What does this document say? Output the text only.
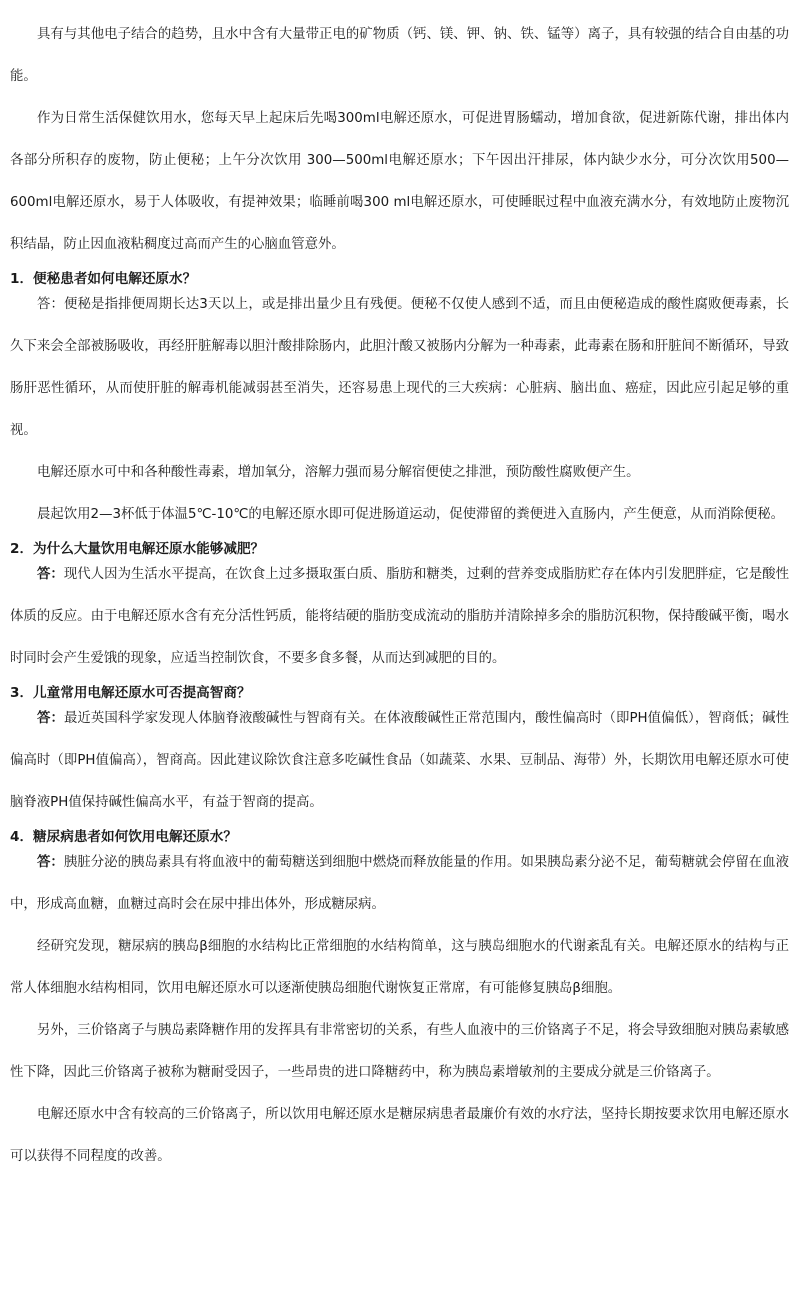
具有与其他电子结合的趋势，且水中含有大量带正电的矿物质（钙、镁、钾、钠、铁、锰等）离子，具有较强的结合自由基的功能。

作为日常生活保健饮用水，您每天早上起床后先喝300ml电解还原水，可促进胃肠蠕动，增加食欲，促进新陈代谢，排出体内各部分所积存的废物，防止便秘；上午分次饮用 300—500ml电解还原水；下午因出汗排尿，体内缺少水分，可分次饮用500—600ml电解还原水，易于人体吸收，有提神效果；临睡前喝300 ml电解还原水，可使睡眠过程中血液充满水分，有效地防止废物沉积结晶，防止因血液粘稠度过高而产生的心脑血管意外。

1．便秘患者如何电解还原水？

答：便秘是指排便周期长达3天以上，或是排出量少且有残便。便秘不仅使人感到不适，而且由便秘造成的酸性腐败便毒素，长久下来会全部被肠吸收，再经肝脏解毒以胆汁酸排除肠内，此胆汁酸又被肠内分解为一种毒素，此毒素在肠和肝脏间不断循环，导致肠肝恶性循环，从而使肝脏的解毒机能减弱甚至消失，还容易患上现代的三大疾病：心脏病、脑出血、癌症，因此应引起足够的重视。

电解还原水可中和各种酸性毒素，增加氧分，溶解力强而易分解宿便使之排泄，预防酸性腐败便产生。

晨起饮用2—3杯低于体温5℃-10℃的电解还原水即可促进肠道运动，促使滞留的粪便进入直肠内，产生便意，从而消除便秘。

2．为什么大量饮用电解还原水能够减肥？

答：现代人因为生活水平提高，在饮食上过多摄取蛋白质、脂肪和糖类，过剩的营养变成脂肪贮存在体内引发肥胖症，它是酸性体质的反应。由于电解还原水含有充分活性钙质，能将结硬的脂肪变成流动的脂肪并清除掉多余的脂肪沉积物，保持酸碱平衡，喝水时同时会产生爱饿的现象，应适当控制饮食，不要多食多餐，从而达到减肥的目的。

3．儿童常用电解还原水可否提高智商？

答：最近英国科学家发现人体脑脊液酸碱性与智商有关。在体液酸碱性正常范围内，酸性偏高时（即PH值偏低），智商低；碱性偏高时（即PH值偏高），智商高。因此建议除饮食注意多吃碱性食品（如蔬菜、水果、豆制品、海带）外，长期饮用电解还原水可使脑脊液PH值保持碱性偏高水平，有益于智商的提高。

4．糖尿病患者如何饮用电解还原水？

答：胰脏分泌的胰岛素具有将血液中的葡萄糖送到细胞中燃烧而释放能量的作用。如果胰岛素分泌不足，葡萄糖就会停留在血液中，形成高血糖，血糖过高时会在尿中排出体外，形成糖尿病。

经研究发现，糖尿病的胰岛β细胞的水结构比正常细胞的水结构简单，这与胰岛细胞水的代谢紊乱有关。电解还原水的结构与正常人体细胞水结构相同，饮用电解还原水可以逐渐使胰岛细胞代谢恢复正常席，有可能修复胰岛β细胞。

另外，三价铬离子与胰岛素降糖作用的发挥具有非常密切的关系，有些人血液中的三价铬离子不足，将会导致细胞对胰岛素敏感性下降，因此三价铬离子被称为糖耐受因子，一些昂贵的进口降糖药中，称为胰岛素增敏剂的主要成分就是三价铬离子。

电解还原水中含有较高的三价铬离子，所以饮用电解还原水是糖尿病患者最廉价有效的水疗法，坚持长期按要求饮用电解还原水可以获得不同程度的改善。
